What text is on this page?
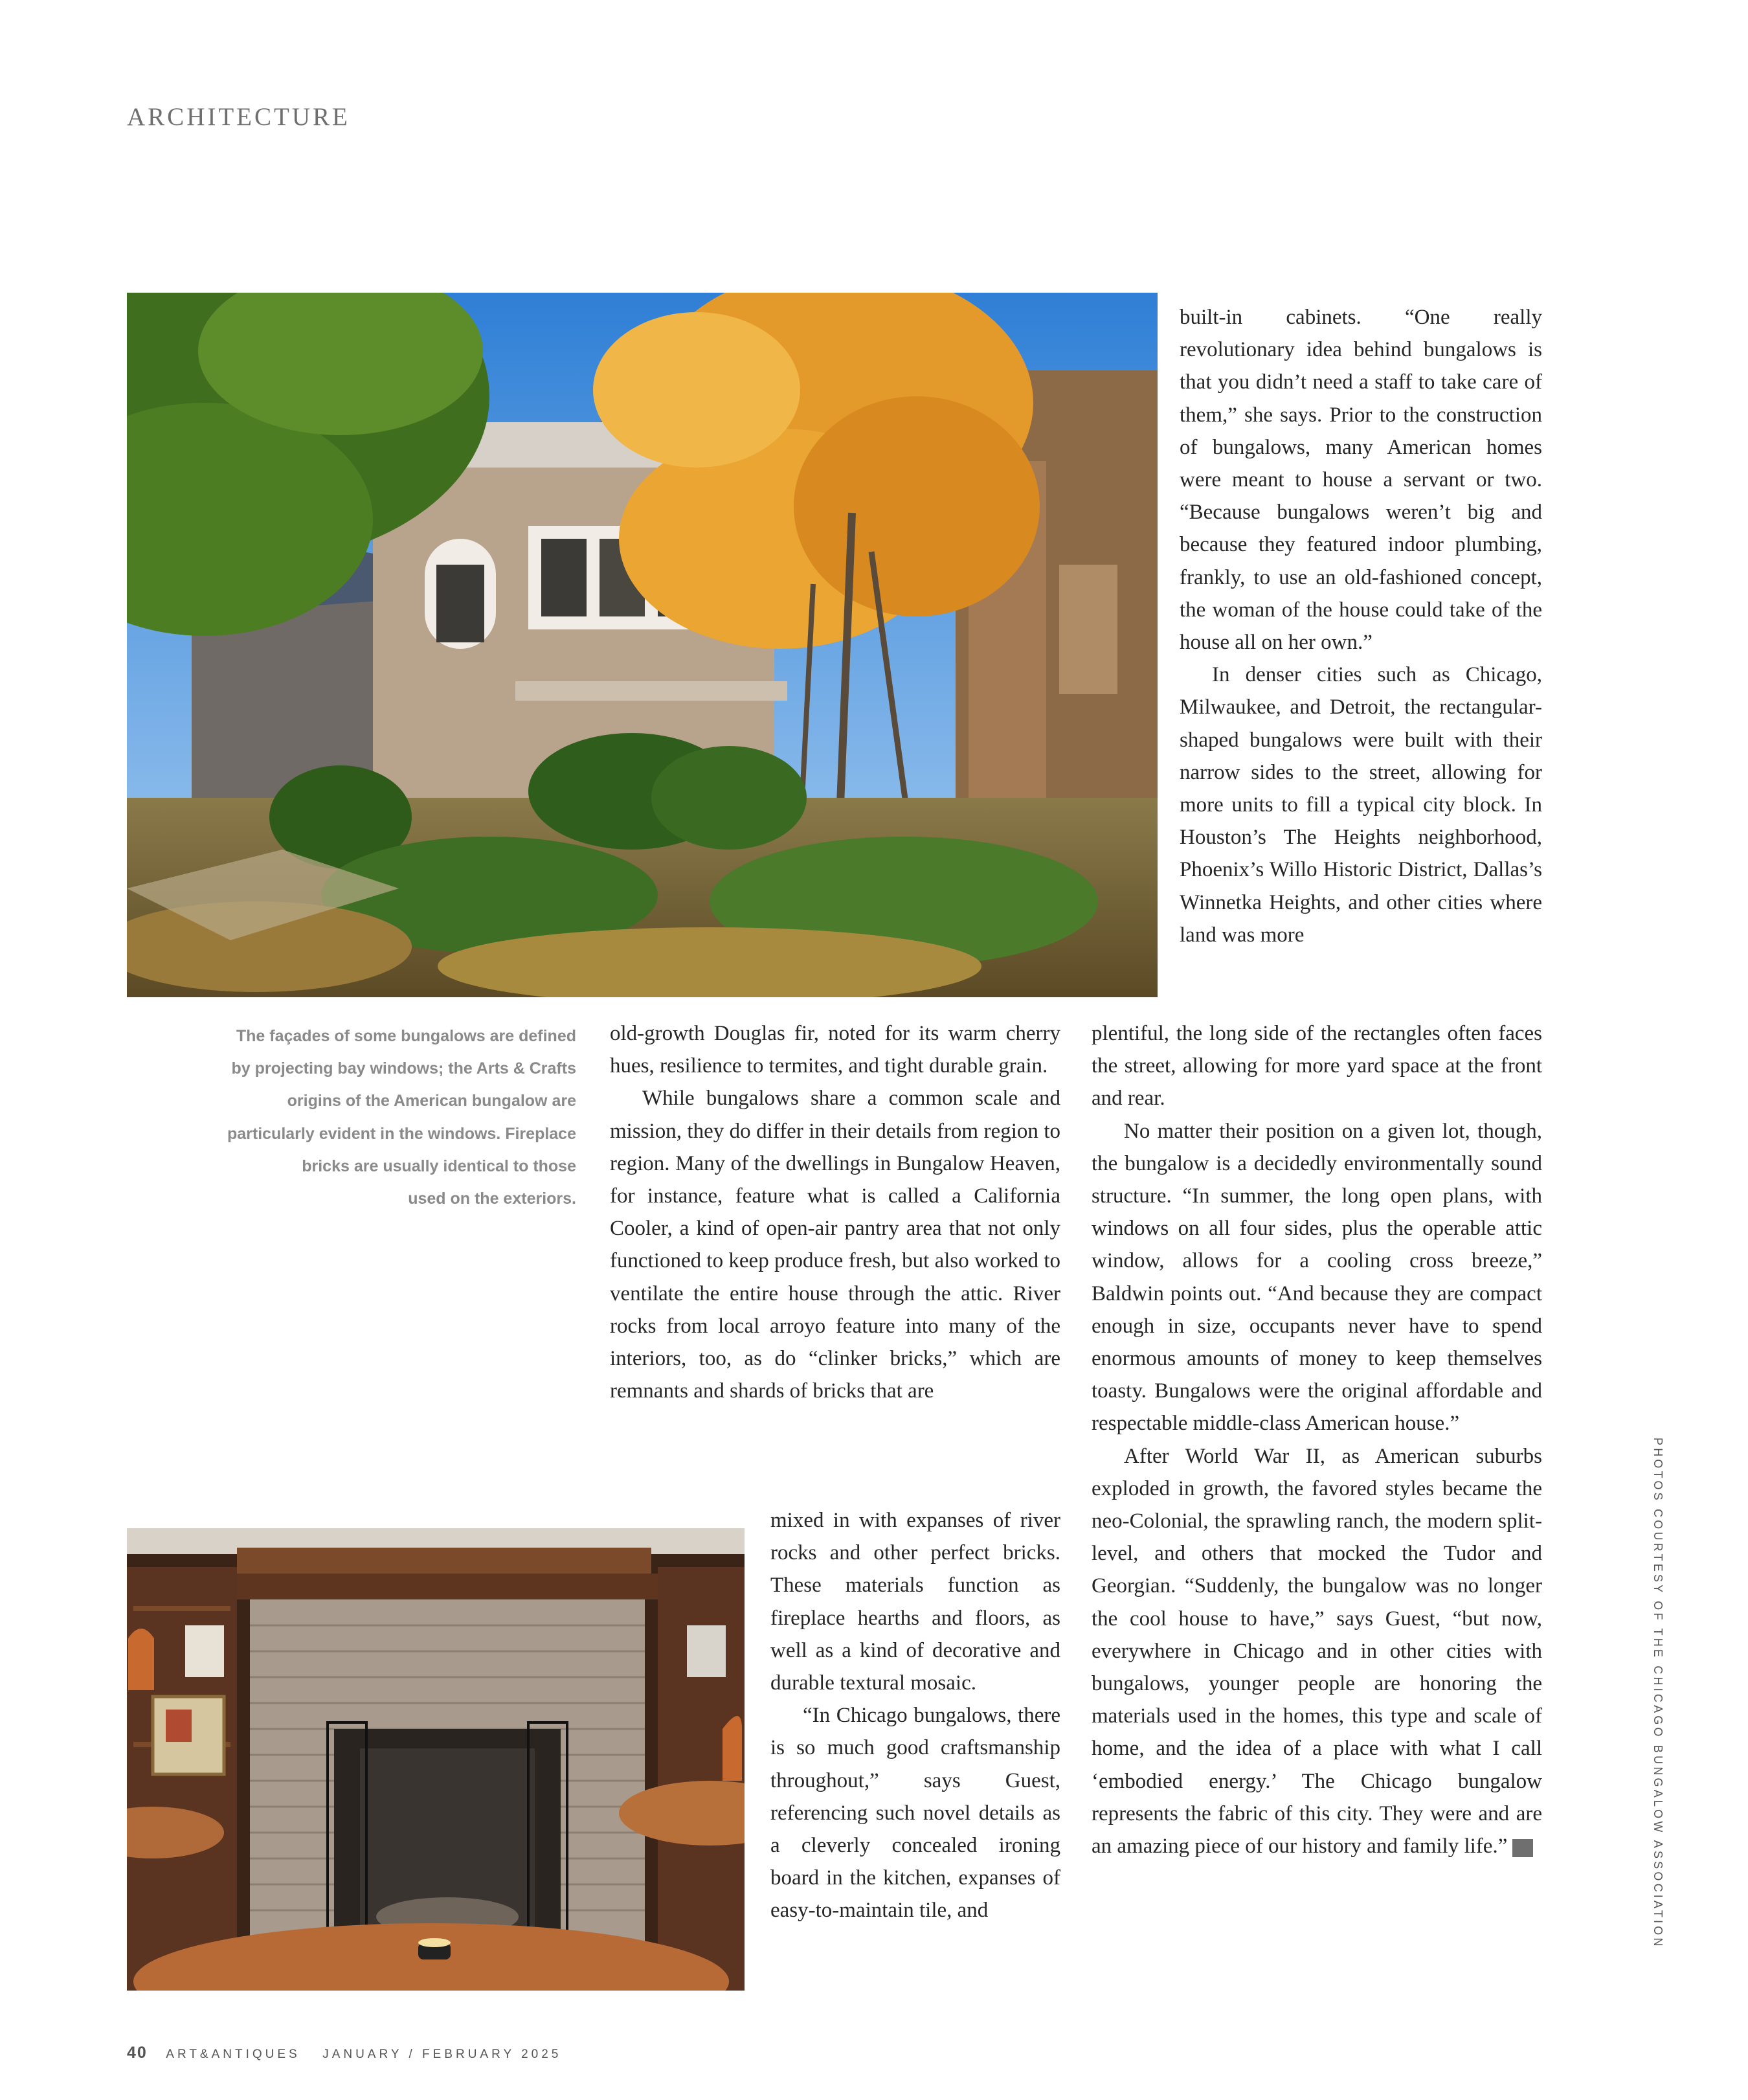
ARCHITECTURE

built-in cabinets. “One really revolutionary idea behind bungalows is that you didn’t need a staff to take care of them,” she says. Prior to the construction of bungalows, many American homes were meant to house a servant or two. “Because bungalows weren’t big and because they featured indoor plumbing, frankly, to use an old-fashioned concept, the woman of the house could take of the house all on her own.”

In denser cities such as Chicago, Milwaukee, and Detroit, the rectangular-shaped bungalows were built with their narrow sides to the street, allowing for more units to fill a typical city block. In Houston’s The Heights neighborhood, Phoenix’s Willo Historic District, Dallas’s Winnetka Heights, and other cities where land was more

plentiful, the long side of the rectangles often faces the street, allowing for more yard space at the front and rear.

No matter their position on a given lot, though, the bungalow is a decidedly environmentally sound structure. “In summer, the long open plans, with windows on all four sides, plus the operable attic window, allows for a cooling cross breeze,” Baldwin points out. “And because they are compact enough in size, occupants never have to spend enormous amounts of money to keep themselves toasty. Bungalows were the original affordable and respectable middle-class American house.”

After World War II, as American suburbs exploded in growth, the favored styles became the neo-Colonial, the sprawling ranch, the modern split-level, and others that mocked the Tudor and Georgian. “Suddenly, the bungalow was no longer the cool house to have,” says Guest, “but now, everywhere in Chicago and in other cities with bungalows, younger people are honoring the materials used in the homes, this type and scale of home, and the idea of a place with what I call ‘embodied energy.’ The Chicago bungalow represents the fabric of this city. They were and are an amazing piece of our history and family life.” A

The façades of some bungalows are defined
by projecting bay windows; the Arts & Crafts
origins of the American bungalow are
particularly evident in the windows. Fireplace
bricks are usually identical to those
used on the exteriors.

old-growth Douglas fir, noted for its warm cherry hues, resilience to termites, and tight durable grain.

While bungalows share a common scale and mission, they do differ in their details from region to region. Many of the dwellings in Bungalow Heaven, for instance, feature what is called a California Cooler, a kind of open-air pantry area that not only functioned to keep produce fresh, but also worked to ventilate the entire house through the attic. River rocks from local arroyo feature into many of the interiors, too, as do “clinker bricks,” which are remnants and shards of bricks that are

mixed in with expanses of river rocks and other perfect bricks. These materials function as fireplace hearths and floors, as well as a kind of decorative and durable textural mosaic.

“In Chicago bungalows, there is so much good craftsmanship throughout,” says Guest, referencing such novel details as a cleverly concealed ironing board in the kitchen, expanses of easy-to-maintain tile, and	PHOTOS COURTESY OF THE CHICAGO BUNGALOW ASSOCIATION
40 ART&ANTIQUES JANUARY / FEBRUARY 2025
